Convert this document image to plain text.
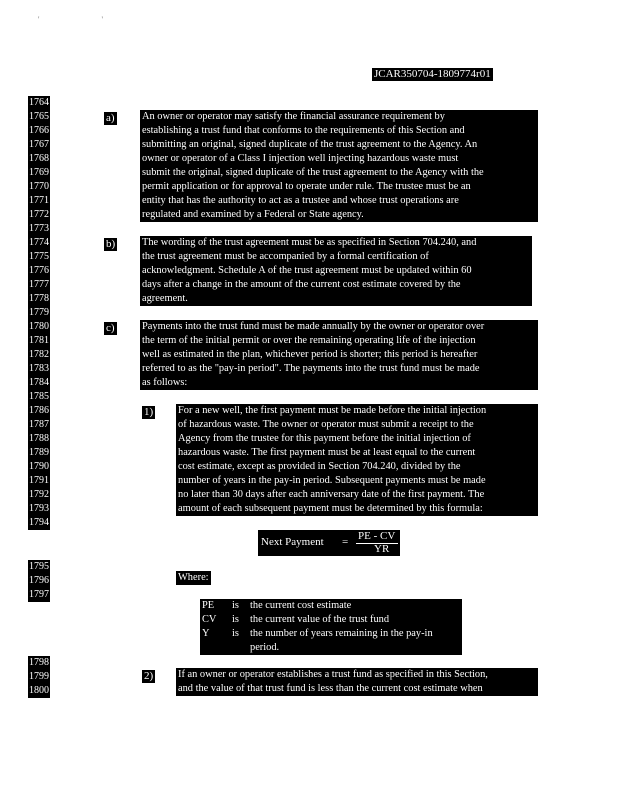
' '
JCAR350704-1809774r01
1764
1765
1766
1767
1768
1769
1770
1771
1772
1773
1774
1775
1776
1777
1778
1779
1780
1781
1782
1783
1784
1785
1786
1787
1788
1789
1790
1791
1792
1793
1794
1795
1796
1797
1798
1799
1800
a)	An owner or operator may satisfy the financial assurance requirement by
establishing a trust fund that conforms to the requirements of this Section and
submitting an original, signed duplicate of the trust agreement to the Agency. An
owner or operator of a Class I injection well injecting hazardous waste must
submit the original, signed duplicate of the trust agreement to the Agency with the
permit application or for approval to operate under rule. The trustee must be an
entity that has the authority to act as a trustee and whose trust operations are
regulated and examined by a Federal or State agency.
b)	The wording of the trust agreement must be as specified in Section 704.240, and
the trust agreement must be accompanied by a formal certification of
acknowledgment. Schedule A of the trust agreement must be updated within 60
days after a change in the amount of the current cost estimate covered by the
agreement.
c)	Payments into the trust fund must be made annually by the owner or operator over
the term of the initial permit or over the remaining operating life of the injection
well as estimated in the plan, whichever period is shorter; this period is hereafter
referred to as the "pay-in period". The payments into the trust fund must be made
as follows:
1) For a new well, the first payment must be made before the initial injection
of hazardous waste. The owner or operator must submit a receipt to the
Agency from the trustee for this payment before the initial injection of
hazardous waste. The first payment must be at least equal to the current
cost estimate, except as provided in Section 704.240, divided by the
number of years in the pay-in period. Subsequent payments must be made
no later than 30 days after each anniversary date of the first payment. The
amount of each subsequent payment must be determined by this formula:
Next Payment = PE - CV
YR
Where:
PE is the current cost estimate
CV is the current value of the trust fund
Y is the number of years remaining in the pay-in
period.
2) If an owner or operator establishes a trust fund as specified in this Section,
and the value of that trust fund is less than the current cost estimate when
